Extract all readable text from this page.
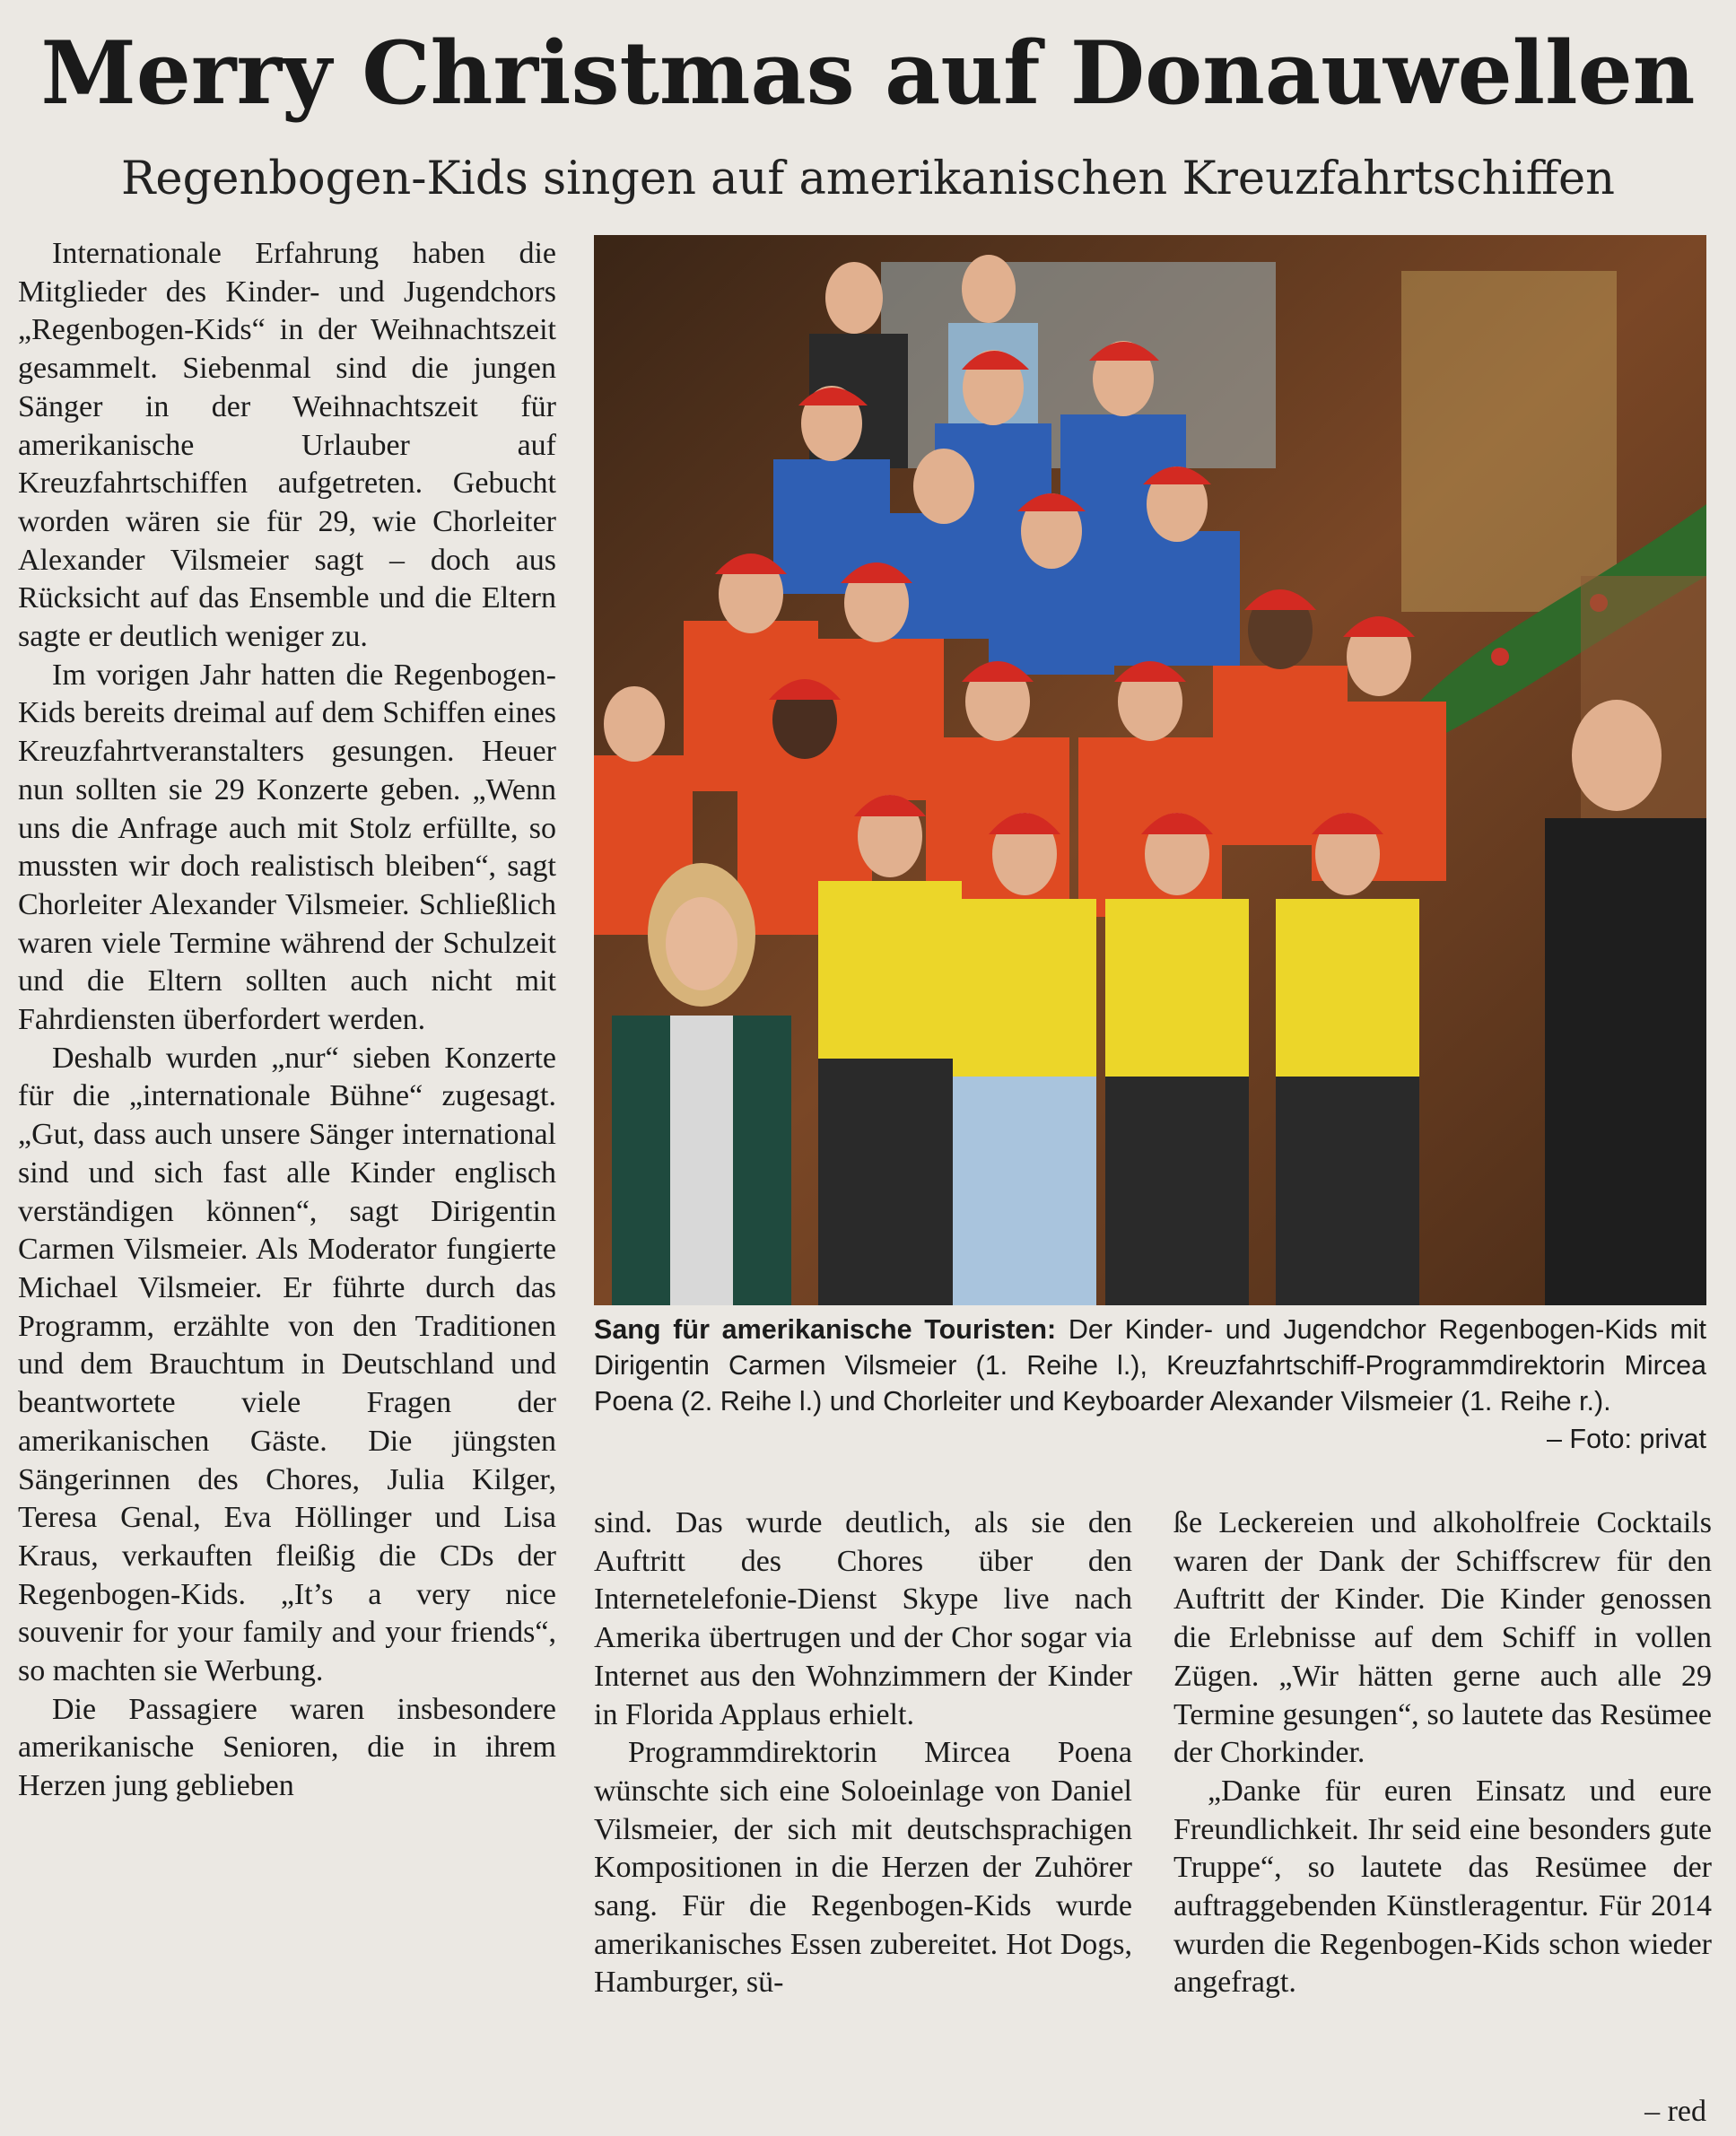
Merry Christmas auf Donauwellen
Regenbogen-Kids singen auf amerikanischen Kreuzfahrtschiffen

Internationale Erfahrung haben die Mitglieder des Kinder- und Jugendchors „Regenbogen-Kids“ in der Weihnachtszeit gesammelt. Siebenmal sind die jungen Sänger in der Weihnachtszeit für amerikanische Urlauber auf Kreuzfahrtschiffen aufgetreten. Gebucht worden wären sie für 29, wie Chorleiter Alexander Vilsmeier sagt – doch aus Rücksicht auf das Ensemble und die Eltern sagte er deutlich weniger zu.

Im vorigen Jahr hatten die Regenbogen-Kids bereits dreimal auf dem Schiffen eines Kreuzfahrtveranstalters gesungen. Heuer nun sollten sie 29 Konzerte geben. „Wenn uns die Anfrage auch mit Stolz erfüllte, so mussten wir doch realistisch bleiben“, sagt Chorleiter Alexander Vilsmeier. Schließlich waren viele Termine während der Schulzeit und die Eltern sollten auch nicht mit Fahrdiensten überfordert werden.

Deshalb wurden „nur“ sieben Konzerte für die „internationale Bühne“ zugesagt. „Gut, dass auch unsere Sänger international sind und sich fast alle Kinder englisch verständigen können“, sagt Dirigentin Carmen Vilsmeier. Als Moderator fungierte Michael Vilsmeier. Er führte durch das Programm, erzählte von den Traditionen und dem Brauchtum in Deutschland und beantwortete viele Fragen der amerikanischen Gäste. Die jüngsten Sängerinnen des Chores, Julia Kilger, Teresa Genal, Eva Höllinger und Lisa Kraus, verkauften fleißig die CDs der Regenbogen-Kids. „It’s a very nice souvenir for your family and your friends“, so machten sie Werbung.

Die Passagiere waren insbesondere amerikanische Senioren, die in ihrem Herzen jung geblieben

Sang für amerikanische Touristen: Der Kinder- und Jugendchor Regenbogen-Kids mit Dirigentin Carmen Vilsmeier (1. Reihe l.), Kreuzfahrtschiff-Programmdirektorin Mircea Poena (2. Reihe l.) und Chorleiter und Keyboarder Alexander Vilsmeier (1. Reihe r.).
– Foto: privat

sind. Das wurde deutlich, als sie den Auftritt des Chores über den Internetelefonie-Dienst Skype live nach Amerika übertrugen und der Chor sogar via Internet aus den Wohnzimmern der Kinder in Florida Applaus erhielt.

Programmdirektorin Mircea Poena wünschte sich eine Soloeinlage von Daniel Vilsmeier, der sich mit deutschsprachigen Kompositionen in die Herzen der Zuhörer sang. Für die Regenbogen-Kids wurde amerikanisches Essen zubereitet. Hot Dogs, Hamburger, sü-

ße Leckereien und alkoholfreie Cocktails waren der Dank der Schiffscrew für den Auftritt der Kinder. Die Kinder genossen die Erlebnisse auf dem Schiff in vollen Zügen. „Wir hätten gerne auch alle 29 Termine gesungen“, so lautete das Resümee der Chorkinder.

„Danke für euren Einsatz und eure Freundlichkeit. Ihr seid eine besonders gute Truppe“, so lautete das Resümee der auftraggebenden Künstleragentur. Für 2014 wurden die Regenbogen-Kids schon wieder angefragt.

– red
